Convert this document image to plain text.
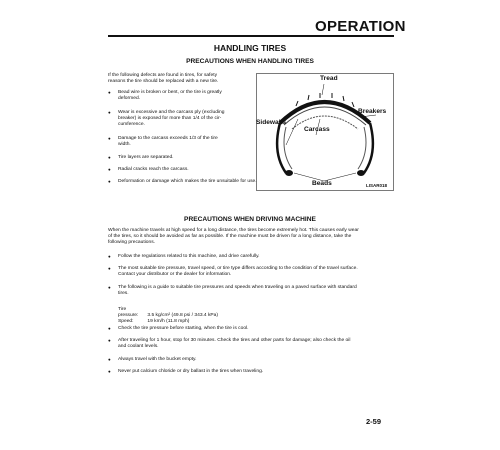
OPERATION
HANDLING TIRES
PRECAUTIONS WHEN HANDLING TIRES
If the following defects are found in tires, for safety
reasons the tire should be replaced with a new tire.
● Bead wire is broken or bent, or the tire is greatly
deformed.
● Wear is excessive and the carcass ply (excluding
breaker) is exposed for more than 1/4 of the cir-
cumference.
● Damage to the carcass exceeds 1/3 of the tire
width.
● Tire layers are separated.
● Radial cracks reach the carcass.
● Deformation or damage which makes the tire unsuitable for use.
Tread
Breakers
Sidewalls
Carcass
Beads	LISAR018
PRECAUTIONS WHEN DRIVING MACHINE
When the machine travels at high speed for a long distance, the tires become extremely hot. This causes early wear
of the tires, so it should be avoided as far as possible. If the machine must be driven for a long distance, take the
following precautions.
● Follow the regulations related to this machine, and drive carefully.
● The most suitable tire pressure, travel speed, or tire type differs according to the condition of the travel surface.
Contact your distributor or the dealer for information.
● The following is a guide to suitable tire pressures and speeds when traveling on a paved surface with standard
tires.
Tire pressure: 3.5 kg/cm² (49.8 psi / 343.4 kPa)
Speed:	19 km/h (11.8 mph)
● Check the tire pressure before starting, when the tire is cool.
● After traveling for 1 hour, stop for 30 minutes. Check the tires and other parts for damage; also check the oil
and coolant levels.
● Always travel with the bucket empty.
● Never put calcium chloride or dry ballast in the tires when traveling.
2-59
